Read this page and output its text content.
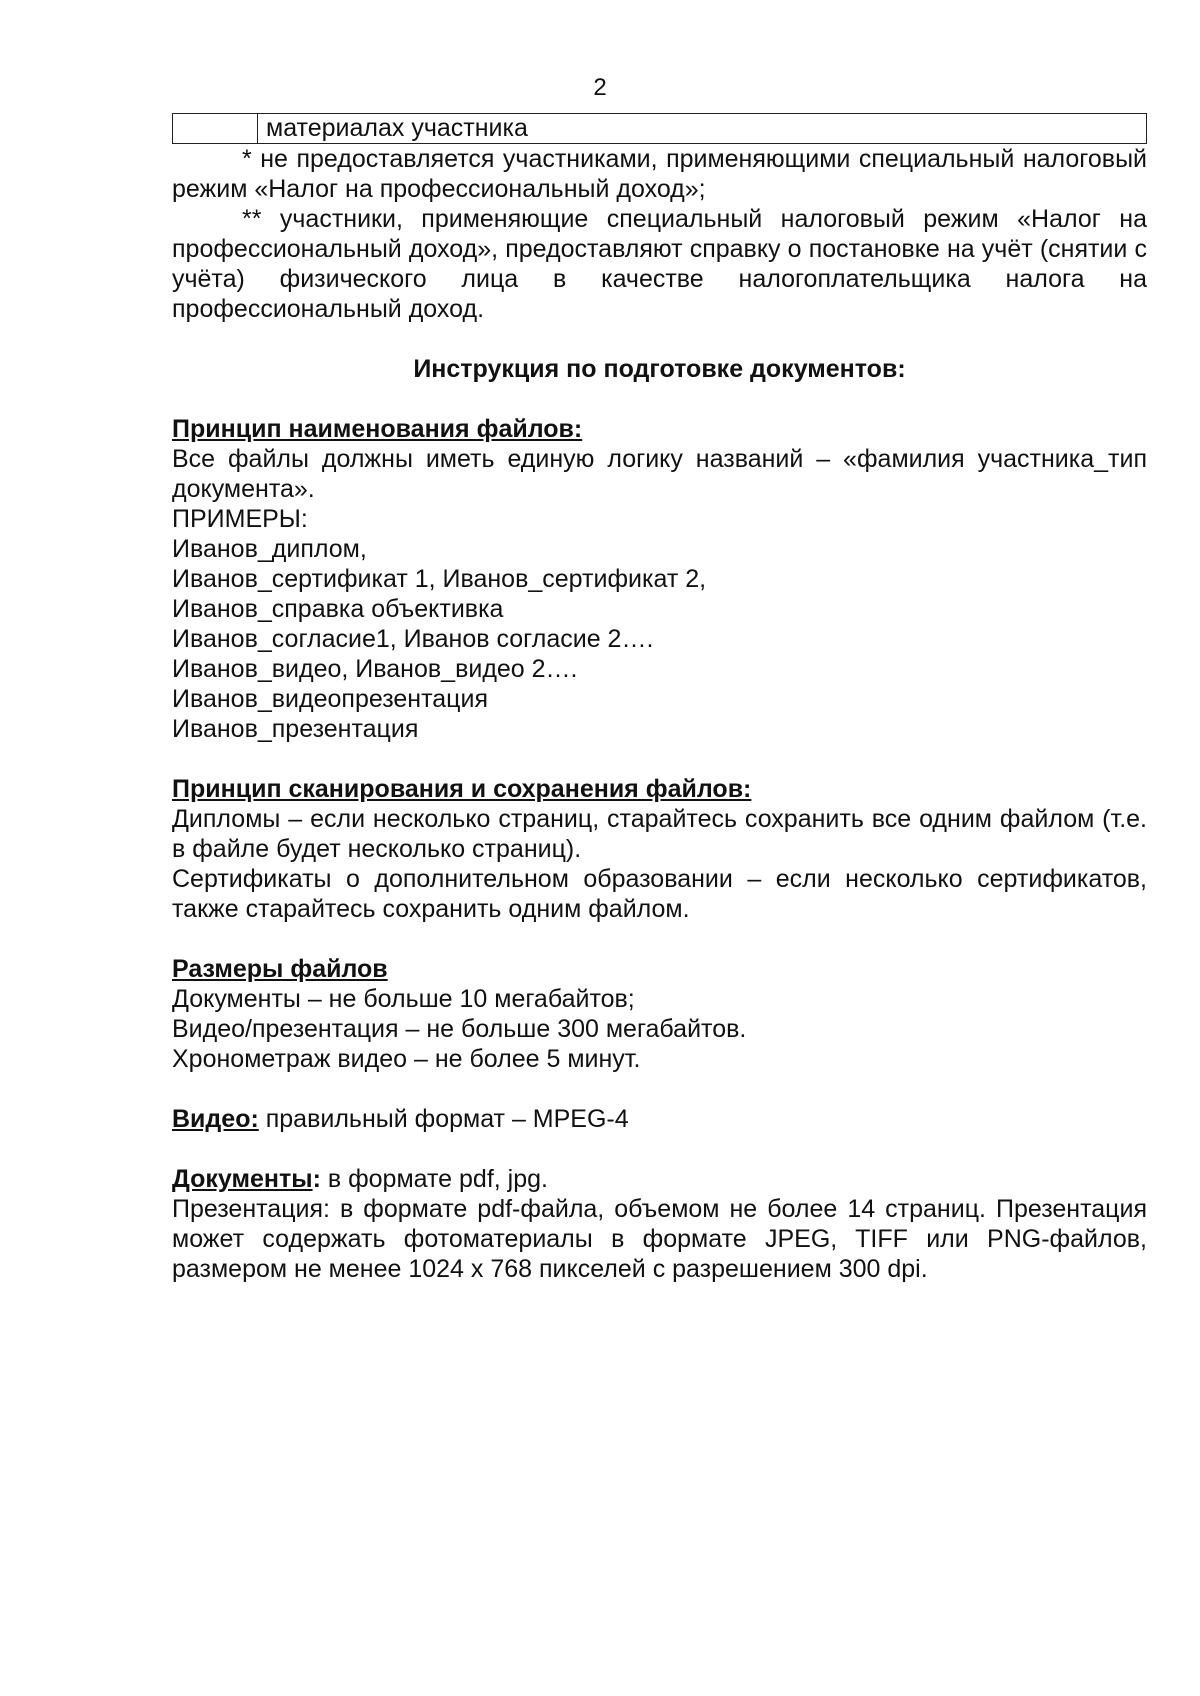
2
	материалах участника

* не предоставляется участниками, применяющими специальный налоговый режим «Налог на профессиональный доход»;

** участники, применяющие специальный налоговый режим «Налог на профессиональный доход», предоставляют справку о постановке на учёт (снятии с учёта) физического лица в качестве налогоплательщика налога на профессиональный доход.

Инструкция по подготовке документов:

Принцип наименования файлов:

Все файлы должны иметь единую логику названий – «фамилия участника_тип документа».

ПРИМЕРЫ:

Иванов_диплом,

Иванов_сертификат 1, Иванов_сертификат 2,

Иванов_справка объективка

Иванов_согласие1, Иванов согласие 2….

Иванов_видео, Иванов_видео 2….

Иванов_видеопрезентация

Иванов_презентация

Принцип сканирования и сохранения файлов:

Дипломы – если несколько страниц, старайтесь сохранить все одним файлом (т.е. в файле будет несколько страниц).

Сертификаты о дополнительном образовании – если несколько сертификатов, также старайтесь сохранить одним файлом.

Размеры файлов

Документы – не больше 10 мегабайтов;

Видео/презентация – не больше 300 мегабайтов.

Хронометраж видео – не более 5 минут.

Видео: правильный формат – MPEG-4

Документы: в формате pdf, jpg.

Презентация: в формате pdf-файла, объемом не более 14 страниц. Презентация может содержать фотоматериалы в формате JPEG, TIFF или PNG-файлов, размером не менее 1024 х 768 пикселей с разрешением 300 dpi.
